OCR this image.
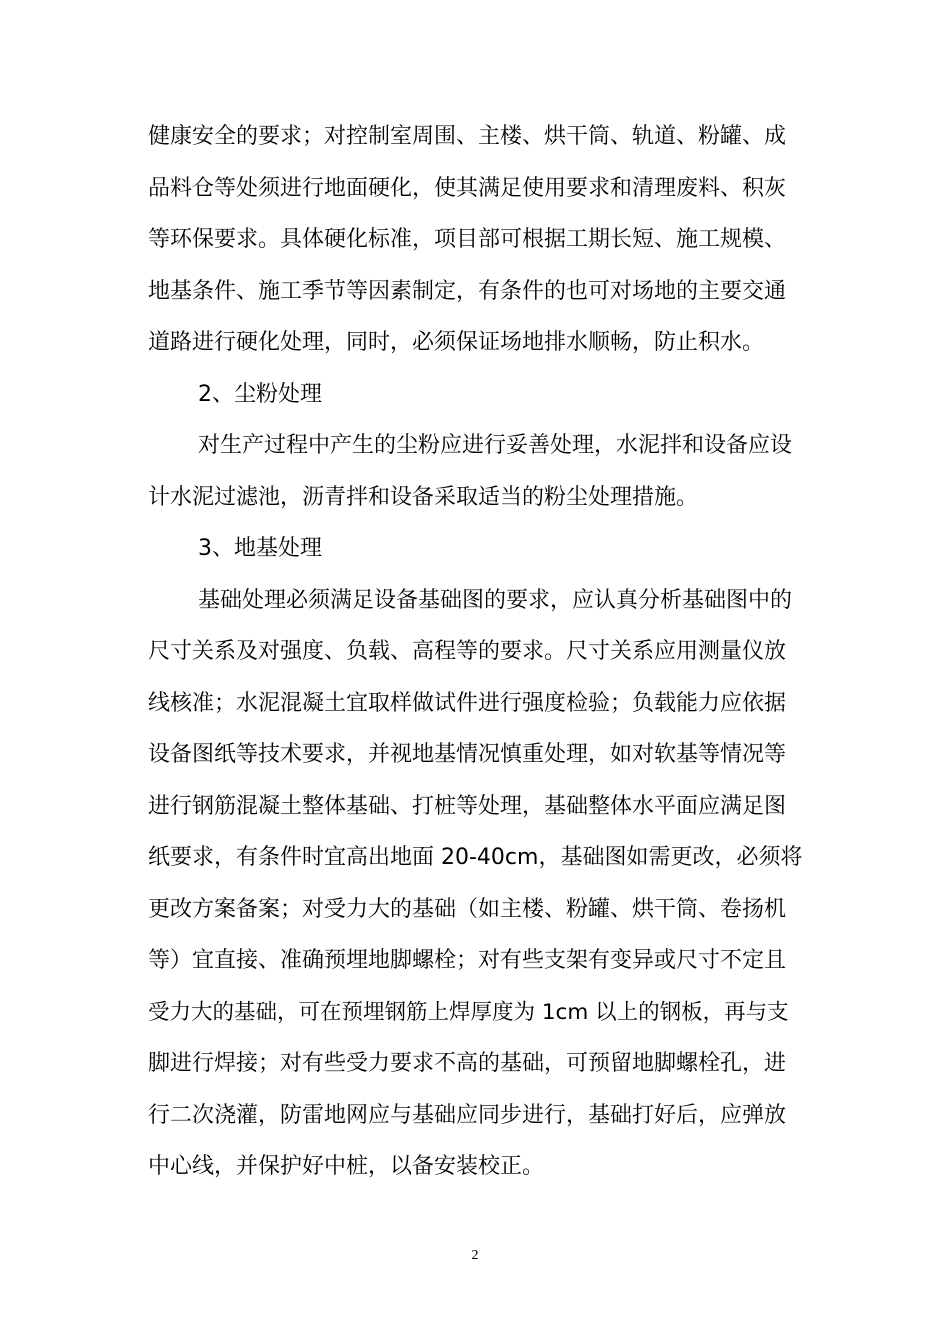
健康安全的要求；对控制室周围、主楼、烘干筒、轨道、粉罐、成

品料仓等处须进行地面硬化，使其满足使用要求和清理废料、积灰

等环保要求。具体硬化标准，项目部可根据工期长短、施工规模、

地基条件、施工季节等因素制定，有条件的也可对场地的主要交通

道路进行硬化处理，同时，必须保证场地排水顺畅，防止积水。

2、尘粉处理

对生产过程中产生的尘粉应进行妥善处理，水泥拌和设备应设

计水泥过滤池，沥青拌和设备采取适当的粉尘处理措施。

3、地基处理

基础处理必须满足设备基础图的要求，应认真分析基础图中的

尺寸关系及对强度、负载、高程等的要求。尺寸关系应用测量仪放

线核准；水泥混凝土宜取样做试件进行强度检验；负载能力应依据

设备图纸等技术要求，并视地基情况慎重处理，如对软基等情况等

进行钢筋混凝土整体基础、打桩等处理，基础整体水平面应满足图

纸要求，有条件时宜高出地面 20-40cm，基础图如需更改，必须将

更改方案备案；对受力大的基础（如主楼、粉罐、烘干筒、卷扬机

等）宜直接、准确预埋地脚螺栓；对有些支架有变异或尺寸不定且

受力大的基础，可在预埋钢筋上焊厚度为 1cm 以上的钢板，再与支

脚进行焊接；对有些受力要求不高的基础，可预留地脚螺栓孔，进

行二次浇灌，防雷地网应与基础应同步进行，基础打好后，应弹放

中心线，并保护好中桩，以备安装校正。

2
